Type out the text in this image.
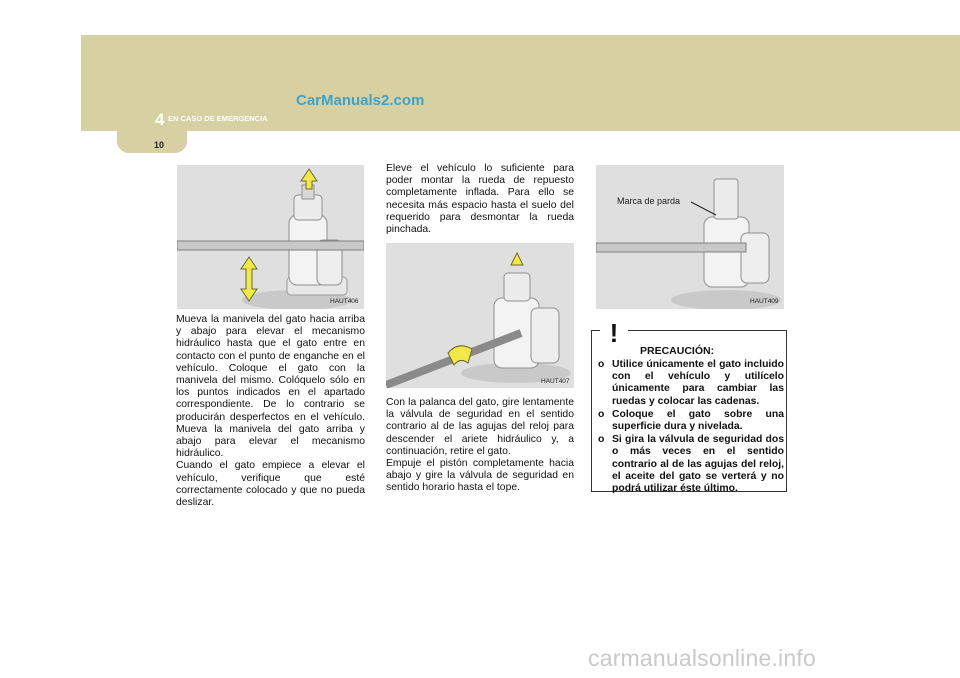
4 EN CASO DE EMERGENCIA
CarManuals2.com
10
HAUT406
HAUT407
Marca de parda
HAUT409

Mueva la manivela del gato hacia arriba y abajo para elevar el mecanismo hidráulico hasta que el gato entre en contacto con el punto de enganche en el vehículo. Coloque el gato con la manivela del mismo. Colóquelo sólo en los puntos indicados en el apartado correspondiente. De lo contrario se producirán desperfectos en el vehículo. Mueva la manivela del gato arriba y abajo para elevar el mecanismo hidráulico.

Cuando el gato empiece a elevar el vehículo, verifique que esté correctamente colocado y que no pueda deslizar.

Eleve el vehículo lo suficiente para poder montar la rueda de repuesto completamente inflada. Para ello se necesita más espacio hasta el suelo del requerido para desmontar la rueda pinchada.

Con la palanca del gato, gire lentamente la válvula de seguridad en el sentido contrario al de las agujas del reloj para descender el ariete hidráulico y, a continuación, retire el gato.

Empuje el pistón completamente hacia abajo y gire la válvula de seguridad en sentido horario hasta el tope.

!
PRECAUCIÓN:
o Utilice únicamente el gato incluido con el vehículo y utilícelo únicamente para cambiar las ruedas y colocar las cadenas.
o Coloque el gato sobre una superficie dura y nivelada.
o Si gira la válvula de seguridad dos o más veces en el sentido contrario al de las agujas del reloj, el aceite del gato se verterá y no podrá utilizar éste último.
carmanualsonline.info
